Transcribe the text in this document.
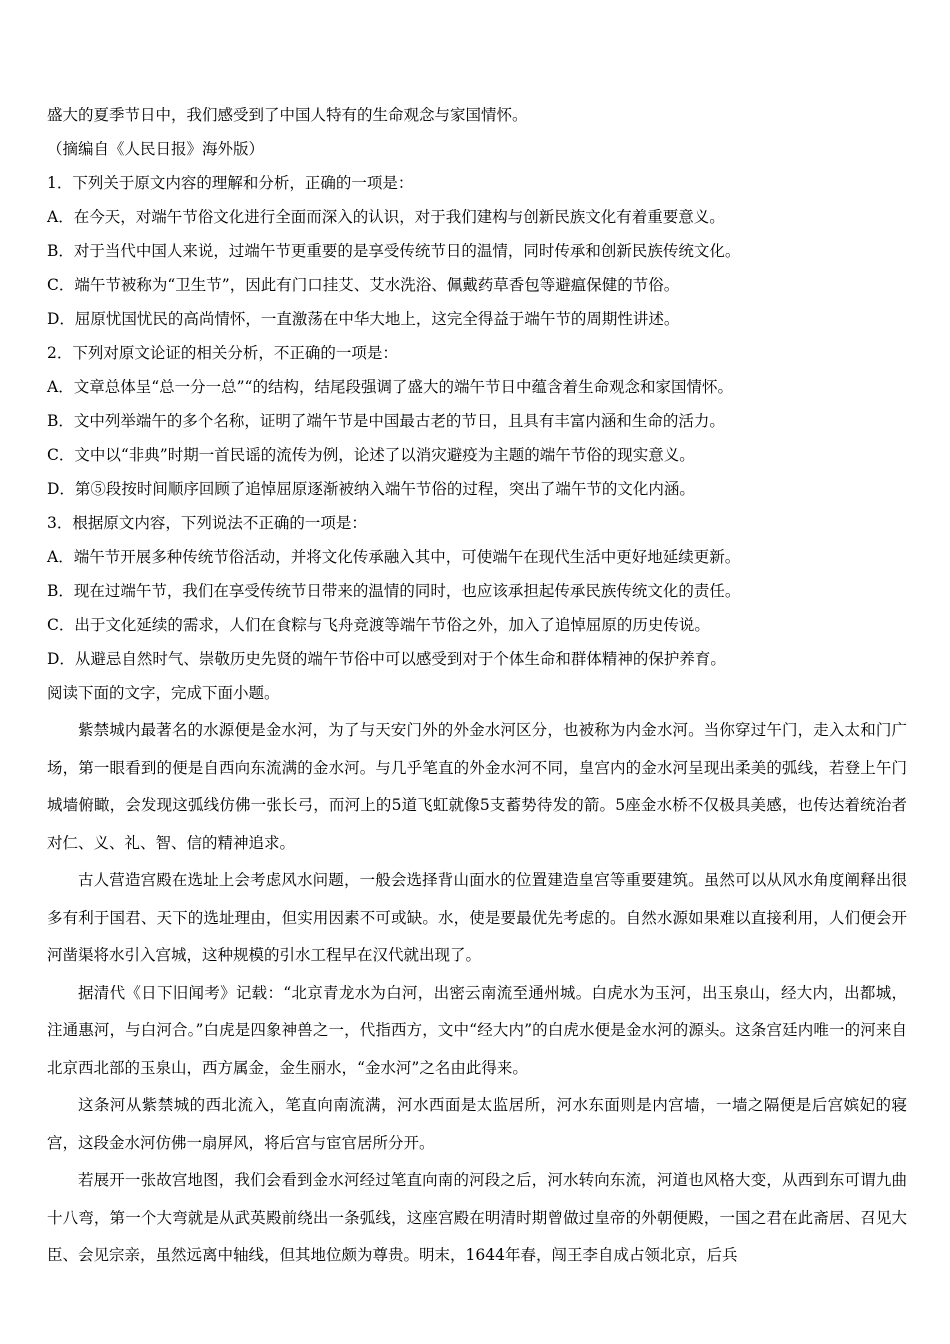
盛大的夏季节日中，我们感受到了中国人特有的生命观念与家国情怀。

（摘编自《人民日报》海外版）

1．下列关于原文内容的理解和分析，正确的一项是：

A．在今天，对端午节俗文化进行全面而深入的认识，对于我们建构与创新民族文化有着重要意义。

B．对于当代中国人来说，过端午节更重要的是享受传统节日的温情，同时传承和创新民族传统文化。

C．端午节被称为“卫生节”，因此有门口挂艾、艾水洗浴、佩戴药草香包等避瘟保健的节俗。

D．屈原忧国忧民的高尚情怀，一直激荡在中华大地上，这完全得益于端午节的周期性讲述。

2．下列对原文论证的相关分析，不正确的一项是：

A．文章总体呈“总一分一总”“的结构，结尾段强调了盛大的端午节日中蕴含着生命观念和家国情怀。

B．文中列举端午的多个名称，证明了端午节是中国最古老的节日，且具有丰富内涵和生命的活力。

C．文中以“非典”时期一首民谣的流传为例，论述了以消灾避疫为主题的端午节俗的现实意义。

D．第⑤段按时间顺序回顾了追悼屈原逐渐被纳入端午节俗的过程，突出了端午节的文化内涵。

3．根据原文内容，下列说法不正确的一项是：

A．端午节开展多种传统节俗活动，并将文化传承融入其中，可使端午在现代生活中更好地延续更新。

B．现在过端午节，我们在享受传统节日带来的温情的同时，也应该承担起传承民族传统文化的责任。

C．出于文化延续的需求，人们在食粽与飞舟竞渡等端午节俗之外，加入了追悼屈原的历史传说。

D．从避忌自然时气、崇敬历史先贤的端午节俗中可以感受到对于个体生命和群体精神的保护养育。

阅读下面的文字，完成下面小题。

紫禁城内最著名的水源便是金水河，为了与天安门外的外金水河区分，也被称为内金水河。当你穿过午门，走入太和门广场，第一眼看到的便是自西向东流满的金水河。与几乎笔直的外金水河不同，皇宫内的金水河呈现出柔美的弧线，若登上午门城墙俯瞰，会发现这弧线仿佛一张长弓，而河上的5道飞虹就像5支蓄势待发的箭。5座金水桥不仅极具美感，也传达着统治者对仁、义、礼、智、信的精神追求。

古人营造宫殿在选址上会考虑风水问题，一般会选择背山面水的位置建造皇宫等重要建筑。虽然可以从风水角度阐释出很多有利于国君、天下的选址理由，但实用因素不可或缺。水，使是要最优先考虑的。自然水源如果难以直接利用，人们便会开河凿渠将水引入宫城，这种规模的引水工程早在汉代就出现了。

据清代《日下旧闻考》记载：“北京青龙水为白河，出密云南流至通州城。白虎水为玉河，出玉泉山，经大内，出都城，注通惠河，与白河合。”白虎是四象神兽之一，代指西方，文中“经大内”的白虎水便是金水河的源头。这条宫廷内唯一的河来自北京西北部的玉泉山，西方属金，金生丽水，“金水河”之名由此得来。

这条河从紫禁城的西北流入，笔直向南流满，河水西面是太监居所，河水东面则是内宫墙，一墙之隔便是后宫嫔妃的寝宫，这段金水河仿佛一扇屏风，将后宫与宦官居所分开。

若展开一张故宫地图，我们会看到金水河经过笔直向南的河段之后，河水转向东流，河道也风格大变，从西到东可谓九曲十八弯，第一个大弯就是从武英殿前绕出一条弧线，这座宫殿在明清时期曾做过皇帝的外朝便殿，一国之君在此斋居、召见大臣、会见宗亲，虽然远离中轴线，但其地位颇为尊贵。明末，1644年春，闯王李自成占领北京，后兵
